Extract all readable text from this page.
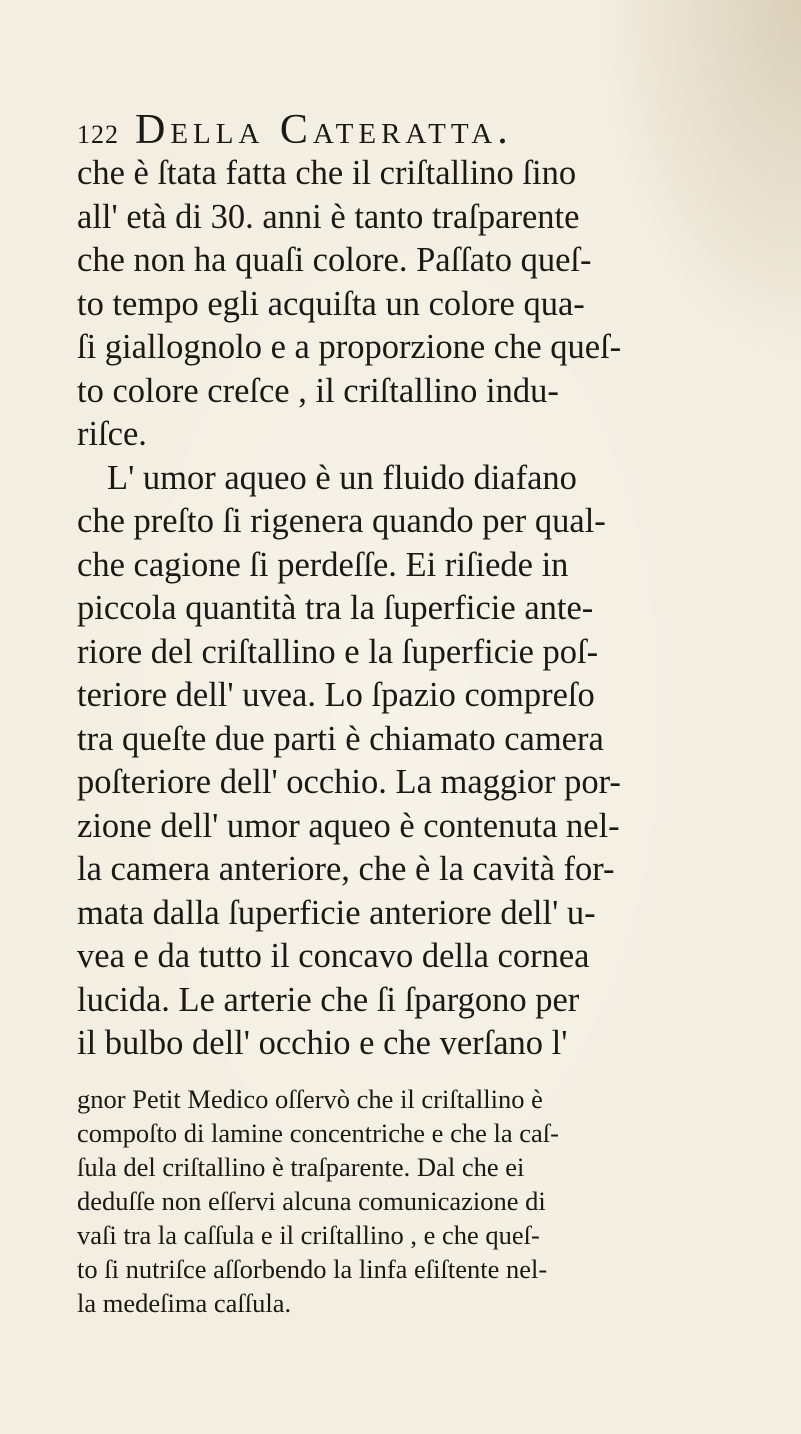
122 Della Cateratta.
che è ſtata fatta che il criſtallino ſino
all' età di 30. anni è tanto traſparente
che non ha quaſi colore. Paſſato queſ-
to tempo egli acquiſta un colore qua-
ſi giallognolo e a proporzione che queſ-
to colore creſce , il criſtallino indu-
riſce.
L' umor aqueo è un fluido diafano
che preſto ſi rigenera quando per qual-
che cagione ſi perdeſſe. Ei riſiede in
piccola quantità tra la ſuperficie ante-
riore del criſtallino e la ſuperficie poſ-
teriore dell' uvea. Lo ſpazio compreſo
tra queſte due parti è chiamato camera
poſteriore dell' occhio. La maggior por-
zione dell' umor aqueo è contenuta nel-
la camera anteriore, che è la cavità for-
mata dalla ſuperficie anteriore dell' u-
vea e da tutto il concavo della cornea
lucida. Le arterie che ſi ſpargono per
il bulbo dell' occhio e che verſano l'
gnor Petit Medico oſſervò che il criſtallino è
compoſto di lamine concentriche e che la caſ-
ſula del criſtallino è traſparente. Dal che ei
deduſſe non eſſervi alcuna comunicazione di
vaſi tra la caſſula e il criſtallino , e che queſ-
to ſi nutriſce aſſorbendo la linfa eſiſtente nel-
la medeſima caſſula.
